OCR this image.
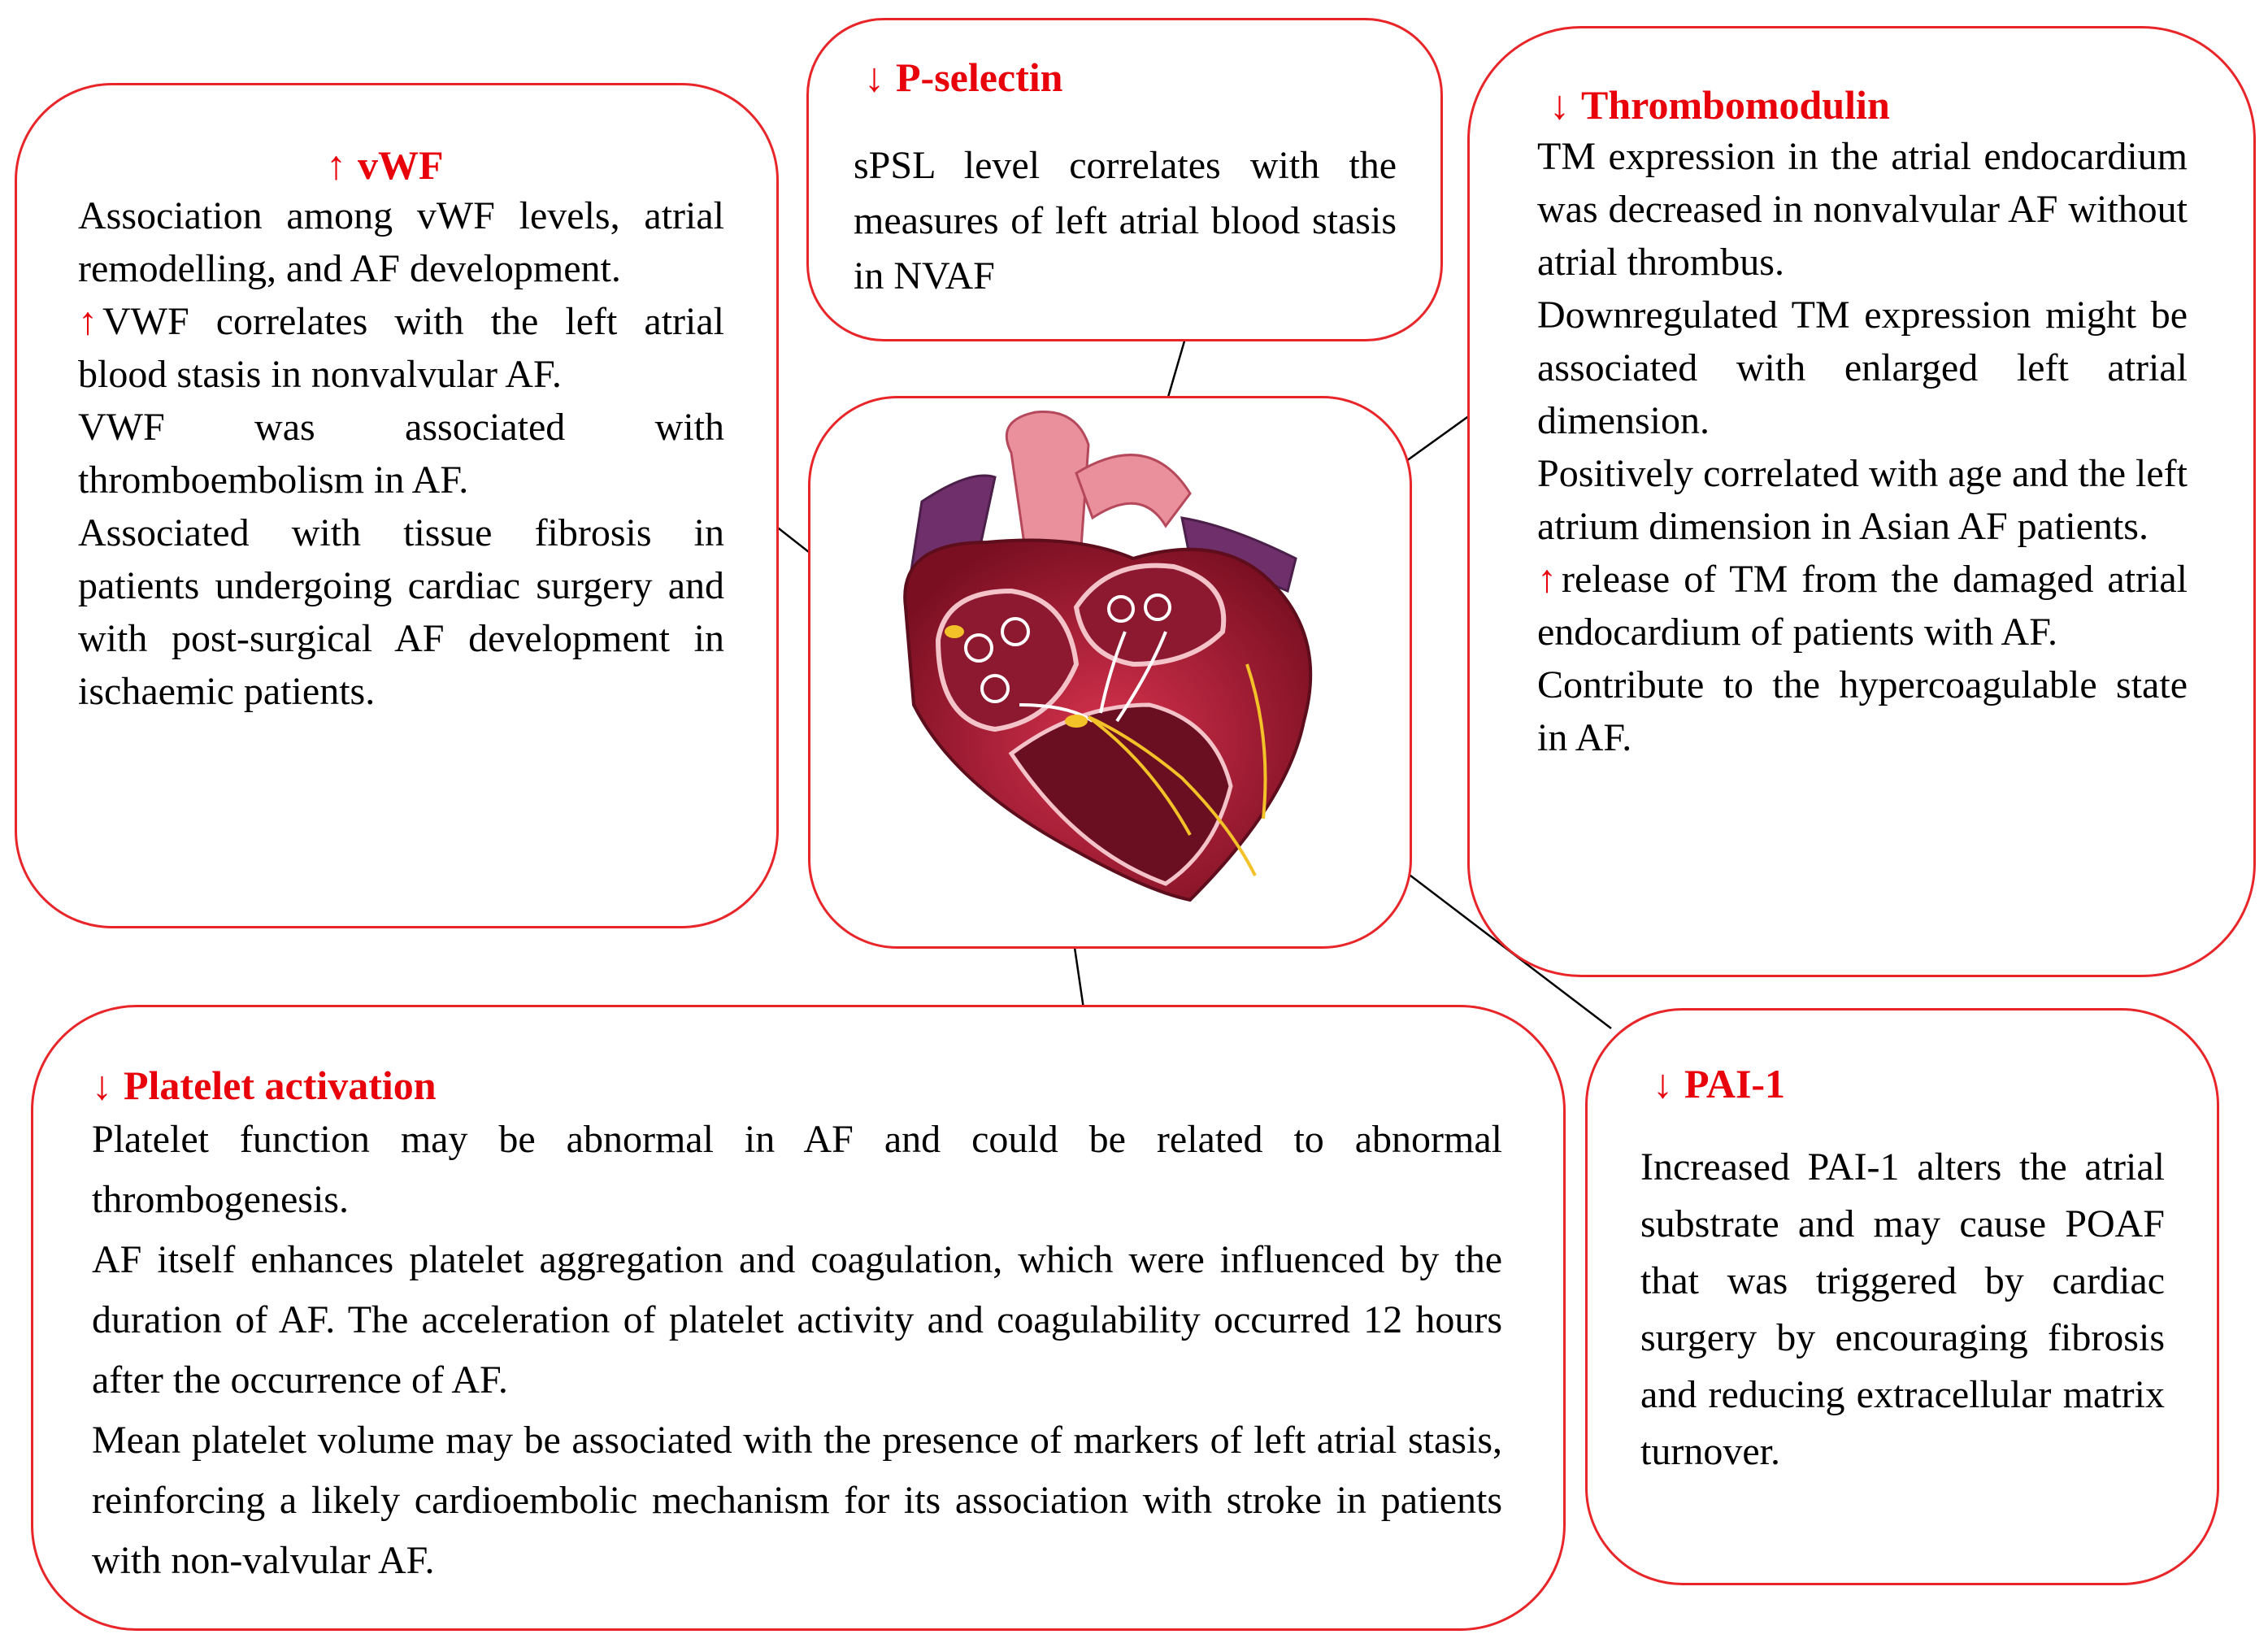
↑ vWF

Association among vWF levels, atrial remodelling, and AF development.

↑ VWF correlates with the left atrial blood stasis in nonvalvular AF.

VWF was associated with thromboembolism in AF.

Associated with tissue fibrosis in patients undergoing cardiac surgery and with post-surgical AF development in ischaemic patients.

↓ P-selectin

sPSL level correlates with the measures of left atrial blood stasis in NVAF

↓ Thrombomodulin

TM expression in the atrial endocardium was decreased in nonvalvular AF without atrial thrombus.

Downregulated TM expression might be associated with enlarged left atrial dimension.

Positively correlated with age and the left atrium dimension in Asian AF patients.

↑ release of TM from the damaged atrial endocardium of patients with AF.

Contribute to the hypercoagulable state in AF.

↓ Platelet activation

Platelet function may be abnormal in AF and could be related to abnormal thrombogenesis.

AF itself enhances platelet aggregation and coagulation, which were influenced by the duration of AF. The acceleration of platelet activity and coagulability occurred 12 hours after the occurrence of AF.

Mean platelet volume may be associated with the presence of markers of left atrial stasis, reinforcing a likely cardioembolic mechanism for its association with stroke in patients with non-valvular AF.

↓ PAI-1

Increased PAI-1 alters the atrial substrate and may cause POAF that was triggered by cardiac surgery by encouraging fibrosis and reducing extracellular matrix turnover.
